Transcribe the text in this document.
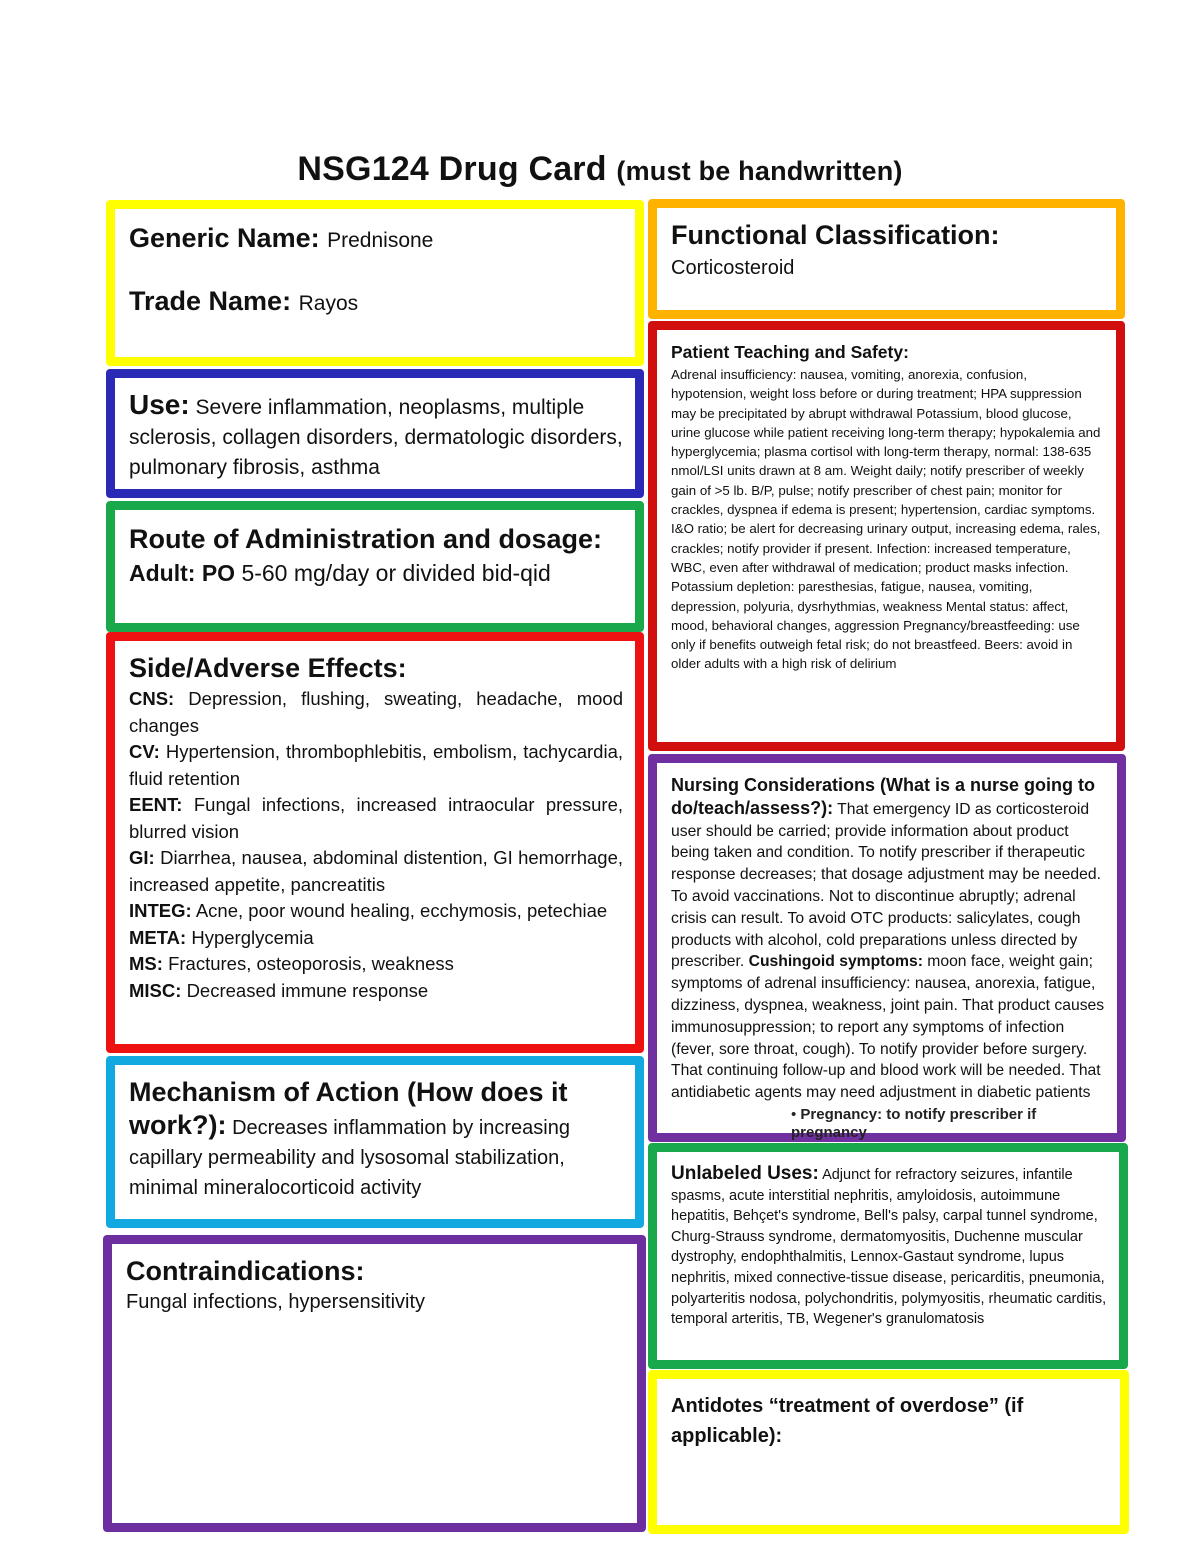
NSG124 Drug Card (must be handwritten)
Generic Name: Prednisone
Trade Name: Rayos
Use: Severe inflammation, neoplasms, multiple sclerosis, collagen disorders, dermatologic disorders, pulmonary fibrosis, asthma
Route of Administration and dosage:
Adult: PO 5-60 mg/day or divided bid-qid
Side/Adverse Effects:
CNS: Depression, flushing, sweating, headache, mood changes
CV: Hypertension, thrombophlebitis, embolism, tachycardia, fluid retention
EENT: Fungal infections, increased intraocular pressure, blurred vision
GI: Diarrhea, nausea, abdominal distention, GI hemorrhage, increased appetite, pancreatitis
INTEG: Acne, poor wound healing, ecchymosis, petechiae
META: Hyperglycemia
MS: Fractures, osteoporosis, weakness
MISC: Decreased immune response
Mechanism of Action (How does it work?): Decreases inflammation by increasing capillary permeability and lysosomal stabilization, minimal mineralocorticoid activity
Contraindications:
Fungal infections, hypersensitivity
Functional Classification:
Corticosteroid
Patient Teaching and Safety:
Adrenal insufficiency: nausea, vomiting, anorexia, confusion, hypotension, weight loss before or during treatment; HPA suppression may be precipitated by abrupt withdrawal Potassium, blood glucose, urine glucose while patient receiving long-term therapy; hypokalemia and hyperglycemia; plasma cortisol with long-term therapy, normal: 138-635 nmol/LSI units drawn at 8 am. Weight daily; notify prescriber of weekly gain of >5 lb. B/P, pulse; notify prescriber of chest pain; monitor for crackles, dyspnea if edema is present; hypertension, cardiac symptoms. I&O ratio; be alert for decreasing urinary output, increasing edema, rales, crackles; notify provider if present. Infection: increased temperature, WBC, even after withdrawal of medication; product masks infection. Potassium depletion: paresthesias, fatigue, nausea, vomiting, depression, polyuria, dysrhythmias, weakness Mental status: affect, mood, behavioral changes, aggression Pregnancy/breastfeeding: use only if benefits outweigh fetal risk; do not breastfeed. Beers: avoid in older adults with a high risk of delirium
Nursing Considerations (What is a nurse going to do/teach/assess?): That emergency ID as corticosteroid user should be carried; provide information about product being taken and condition. To notify prescriber if therapeutic response decreases; that dosage adjustment may be needed. To avoid vaccinations. Not to discontinue abruptly; adrenal crisis can result. To avoid OTC products: salicylates, cough products with alcohol, cold preparations unless directed by prescriber. Cushingoid symptoms: moon face, weight gain; symptoms of adrenal insufficiency: nausea, anorexia, fatigue, dizziness, dyspnea, weakness, joint pain. That product causes immunosuppression; to report any symptoms of infection (fever, sore throat, cough). To notify provider before surgery. That continuing follow-up and blood work will be needed. That antidiabetic agents may need adjustment in diabetic patients
• Pregnancy: to notify prescriber if pregnancy
Unlabeled Uses: Adjunct for refractory seizures, infantile spasms, acute interstitial nephritis, amyloidosis, autoimmune hepatitis, Behçet's syndrome, Bell's palsy, carpal tunnel syndrome, Churg-Strauss syndrome, dermatomyositis, Duchenne muscular dystrophy, endophthalmitis, Lennox-Gastaut syndrome, lupus nephritis, mixed connective-tissue disease, pericarditis, pneumonia, polyarteritis nodosa, polychondritis, polymyositis, rheumatic carditis, temporal arteritis, TB, Wegener's granulomatosis
Antidotes “treatment of overdose” (if applicable):
